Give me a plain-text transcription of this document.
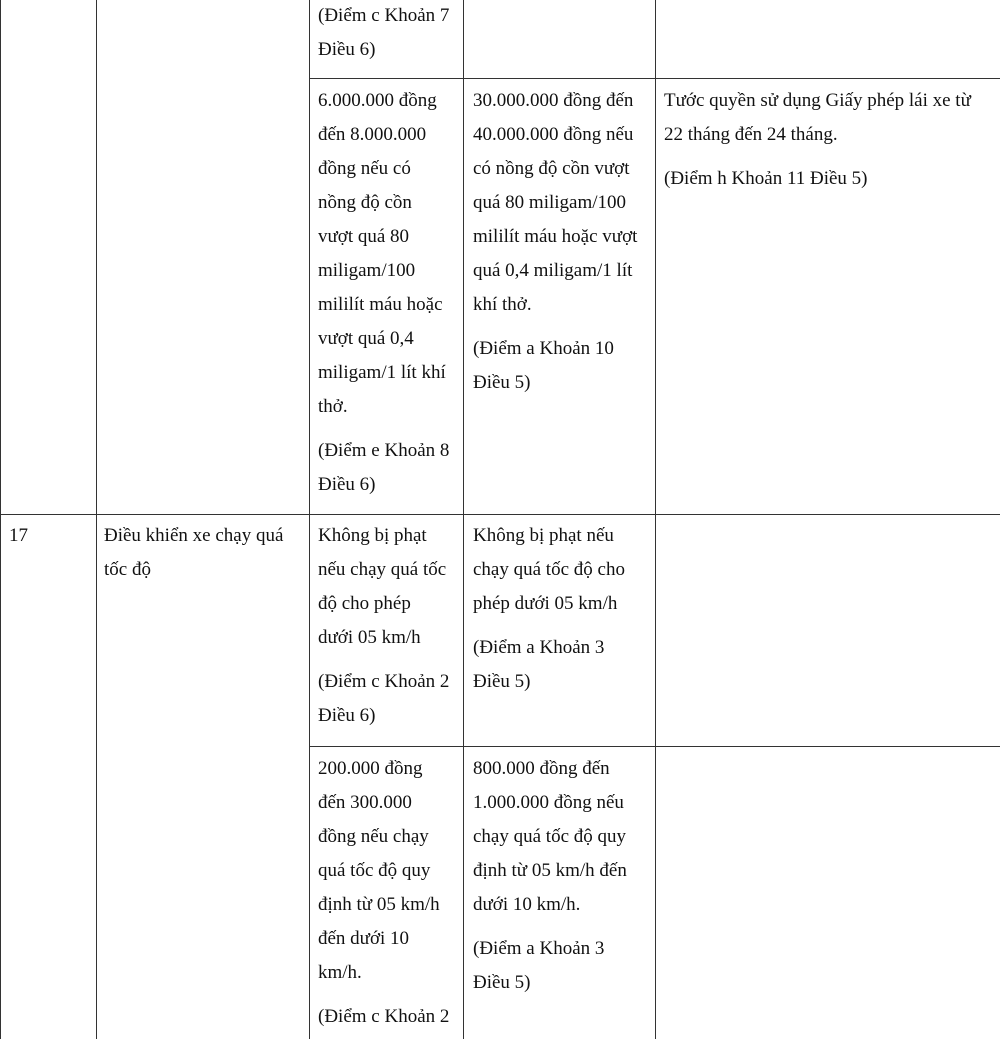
(Điểm c Khoản 7
Điều 6)

6.000.000 đồng
đến 8.000.000
đồng nếu có
nồng độ cồn
vượt quá 80
miligam/100
mililít máu hoặc
vượt quá 0,4
miligam/1 lít khí
thở.

(Điểm e Khoản 8
Điều 6)

30.000.000 đồng đến
40.000.000 đồng nếu
có nồng độ cồn vượt
quá 80 miligam/100
mililít máu hoặc vượt
quá 0,4 miligam/1 lít
khí thở.

(Điểm a Khoản 10
Điều 5)

Tước quyền sử dụng Giấy phép lái xe từ
22 tháng đến 24 tháng.

(Điểm h Khoản 11 Điều 5)

17	Điều khiển xe chạy quá
tốc độ

Không bị phạt
nếu chạy quá tốc
độ cho phép
dưới 05 km/h

(Điểm c Khoản 2
Điều 6)

Không bị phạt nếu
chạy quá tốc độ cho
phép dưới 05 km/h

(Điểm a Khoản 3
Điều 5)

200.000 đồng
đến 300.000
đồng nếu chạy
quá tốc độ quy
định từ 05 km/h
đến dưới 10
km/h.

(Điểm c Khoản 2

800.000 đồng đến
1.000.000 đồng nếu
chạy quá tốc độ quy
định từ 05 km/h đến
dưới 10 km/h.

(Điểm a Khoản 3
Điều 5)
